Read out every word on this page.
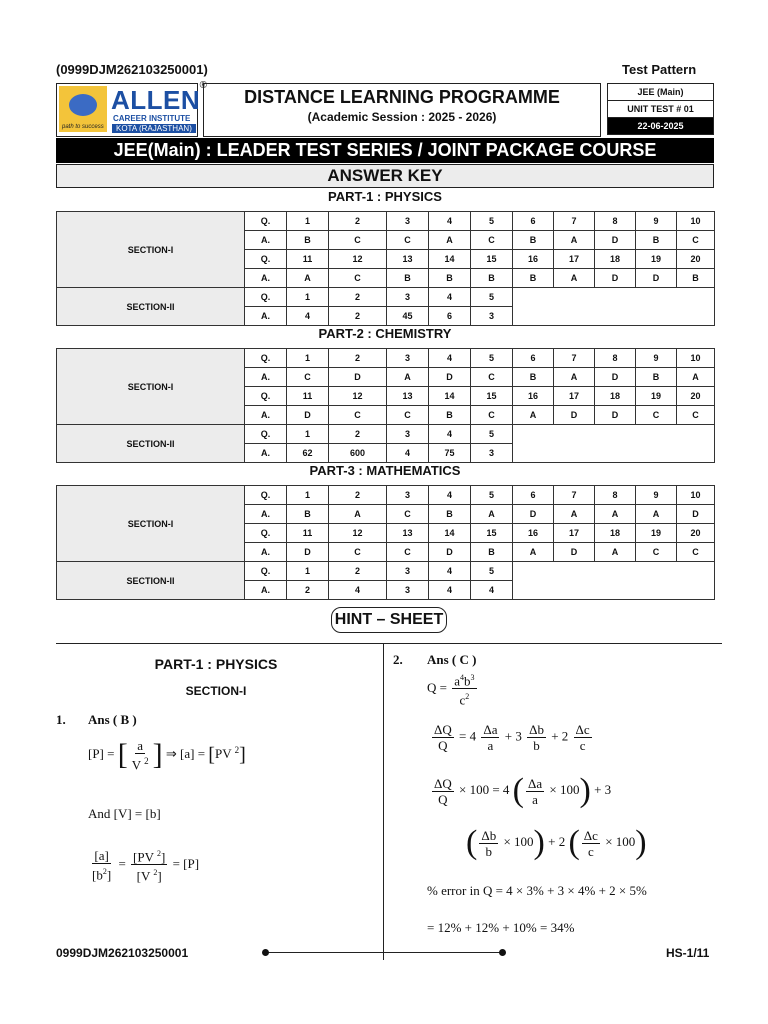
(0999DJM262103250001)	Test Pattern
path to success
ALLEN
CAREER INSTITUTE
KOTA (RAJASTHAN)
®
DISTANCE LEARNING PROGRAMME
(Academic Session : 2025 - 2026)
JEE (Main)
UNIT TEST # 01
22-06-2025
JEE(Main) : LEADER TEST SERIES / JOINT PACKAGE COURSE
ANSWER KEY
PART-1 : PHYSICS
SECTION-I	Q.	1	2	3	4	5	6	7	8	9	10
	A.	B	C	C	A	C	B	A	D	B	C
	Q.	11	12	13	14	15	16	17	18	19	20
	A.	A	C	B	B	B	B	A	D	D	B
SECTION-II	Q.	1	2	3	4	5					
	A.	4	2	45	6	3					
PART-2 : CHEMISTRY
SECTION-I	Q.	1	2	3	4	5	6	7	8	9	10
	A.	C	D	A	D	C	B	A	D	B	A
	Q.	11	12	13	14	15	16	17	18	19	20
	A.	D	C	C	B	C	A	D	D	C	C
SECTION-II	Q.	1	2	3	4	5					
	A.	62	600	4	75	3					
PART-3 : MATHEMATICS
SECTION-I	Q.	1	2	3	4	5	6	7	8	9	10
	A.	B	A	C	B	A	D	A	A	A	D
	Q.	11	12	13	14	15	16	17	18	19	20
	A.	D	C	C	D	B	A	D	A	C	C
SECTION-II	Q.	1	2	3	4	5					
	A.	2	4	3	4	4					
HINT – SHEET
PART-1 : PHYSICS
SECTION-I
1. Ans ( B )
[P] = [ $\frac{a}{V ^2}$ ] ⇒ [a] = [PV $^2$]
And [V] = [b]
$\frac{[a]}{[b^2]} = \frac{[PV ^2]}{[V ^2]} = [P]$
2. Ans ( C )
$Q = \frac{a^4b^3}{c^2}$
$\frac{\Delta Q}{Q} = 4 \frac{\Delta a}{a} + 3 \frac{\Delta b}{b} + 2 \frac{\Delta c}{c}$
$\frac{\Delta Q}{Q} \times 100 = 4$ ( $\frac{\Delta a}{a} \times 100) + 3$
( $\frac{\Delta b}{b} \times 100) + 2$ ( $\frac{\Delta c}{c} \times 100$)
% error in Q = 4 × 3% + 3 × 4% + 2 × 5%
= 12% + 12% + 10% = 34%
0999DJM262103250001	HS-1/11
